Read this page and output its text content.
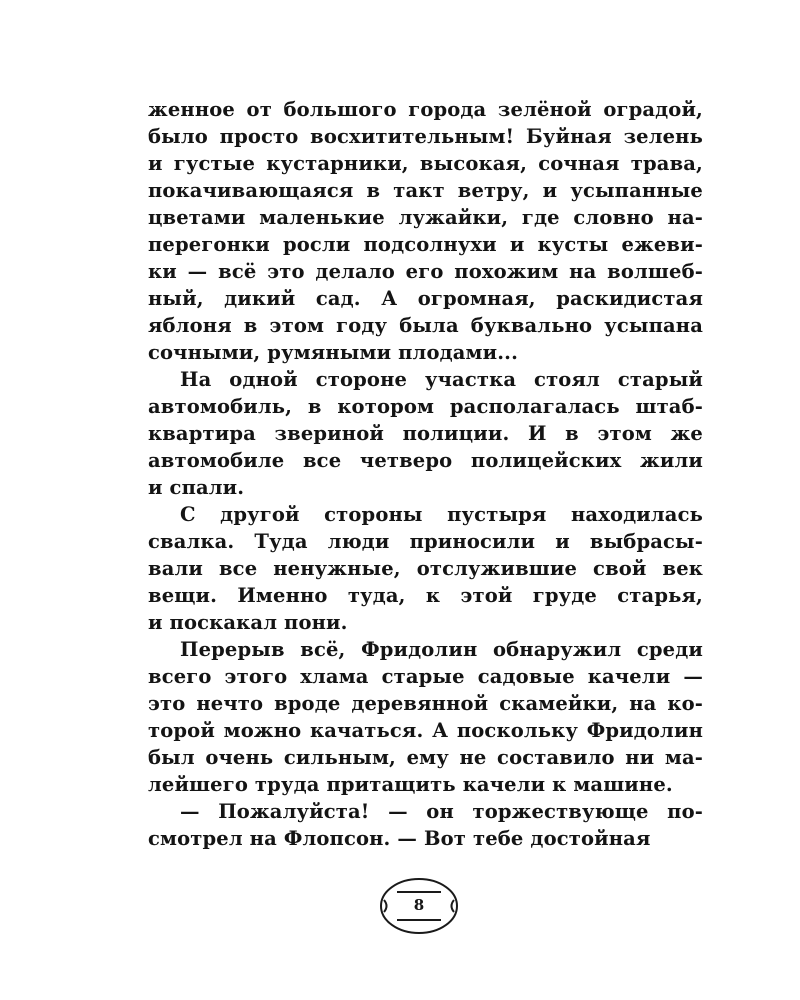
женное от большого города зелёной оградой,
было просто восхитительным! Буйная зелень
и густые кустарники, высокая, сочная трава,
покачивающаяся в такт ветру, и усыпанные
цветами маленькие лужайки, где словно на-
перегонки росли подсолнухи и кусты ежеви-
ки — всё это делало его похожим на волшеб-
ный, дикий сад. А огромная, раскидистая
яблоня в этом году была буквально усыпана
сочными, румяными плодами...
На одной стороне участка стоял старый
автомобиль, в котором располагалась штаб-
квартира звериной полиции. И в этом же
автомобиле все четверо полицейских жили
и спали.
С другой стороны пустыря находилась
свалка. Туда люди приносили и выбрасы-
вали все ненужные, отслужившие свой век
вещи. Именно туда, к этой груде старья,
и поскакал пони.
Перерыв всё, Фридолин обнаружил среди
всего этого хлама старые садовые качели —
это нечто вроде деревянной скамейки, на ко-
торой можно качаться. А поскольку Фридолин
был очень сильным, ему не составило ни ма-
лейшего труда притащить качели к машине.
— Пожалуйста! — он торжествующе по-
смотрел на Флопсон. — Вот тебе достойная
8
